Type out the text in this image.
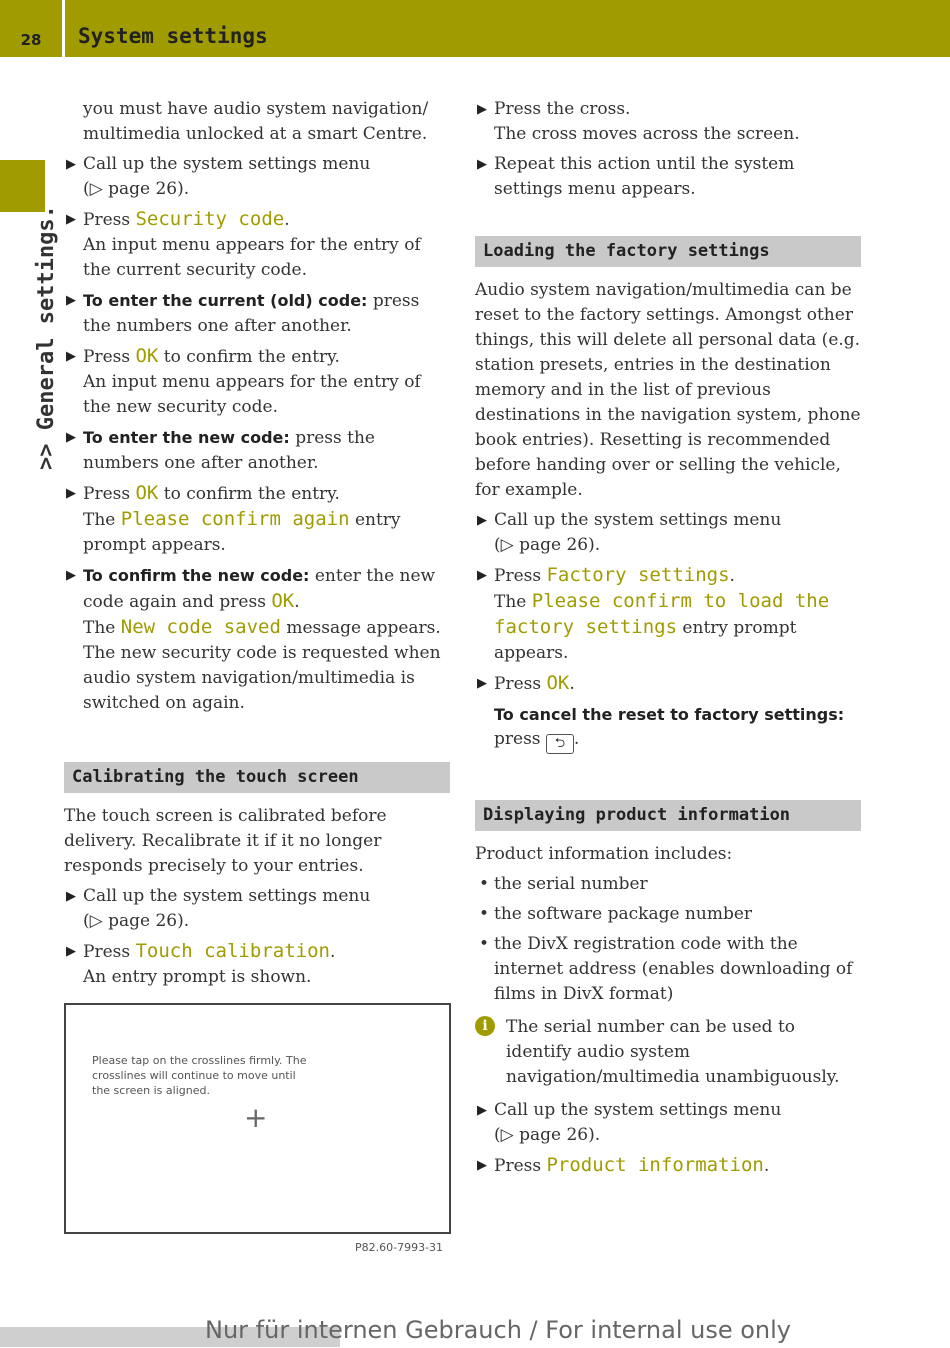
28	System settings
>> General settings.
you must have audio system navigation/ multimedia unlocked at a smart Centre.
▶ Call up the system settings menu
(▷ page 26).
▶ Press Security code.
An input menu appears for the entry of the current security code.
▶ To enter the current (old) code: press the numbers one after another.
▶ Press OK to confirm the entry.
An input menu appears for the entry of the new security code.
▶ To enter the new code: press the numbers one after another.
▶ Press OK to confirm the entry.
The Please confirm again entry prompt appears.
▶ To confirm the new code: enter the new code again and press OK.
The New code saved message appears.
The new security code is requested when audio system navigation/multimedia is switched on again.
Calibrating the touch screen
The touch screen is calibrated before delivery. Recalibrate it if it no longer responds precisely to your entries.
▶ Call up the system settings menu
(▷ page 26).
▶ Press Touch calibration.
An entry prompt is shown.
Please tap on the crosslines firmly. The crosslines will continue to move until the screen is aligned.
+
P82.60-7993-31
▶ Press the cross.
The cross moves across the screen.
▶ Repeat this action until the system settings menu appears.
Loading the factory settings
Audio system navigation/multimedia can be reset to the factory settings. Amongst other things, this will delete all personal data (e.g. station presets, entries in the destination memory and in the list of previous destinations in the navigation system, phone book entries). Resetting is recommended before handing over or selling the vehicle, for example.
▶ Call up the system settings menu
(▷ page 26).
▶ Press Factory settings.
The Please confirm to load the factory settings entry prompt appears.
▶ Press OK.
To cancel the reset to factory settings:
press ⮌ .
Displaying product information
Product information includes:
• the serial number
• the software package number
• the DivX registration code with the internet address (enables downloading of films in DivX format)
i	The serial number can be used to identify audio system navigation/multimedia unambiguously.
▶ Call up the system settings menu
(▷ page 26).
▶ Press Product information.
Nur für internen Gebrauch / For internal use only
